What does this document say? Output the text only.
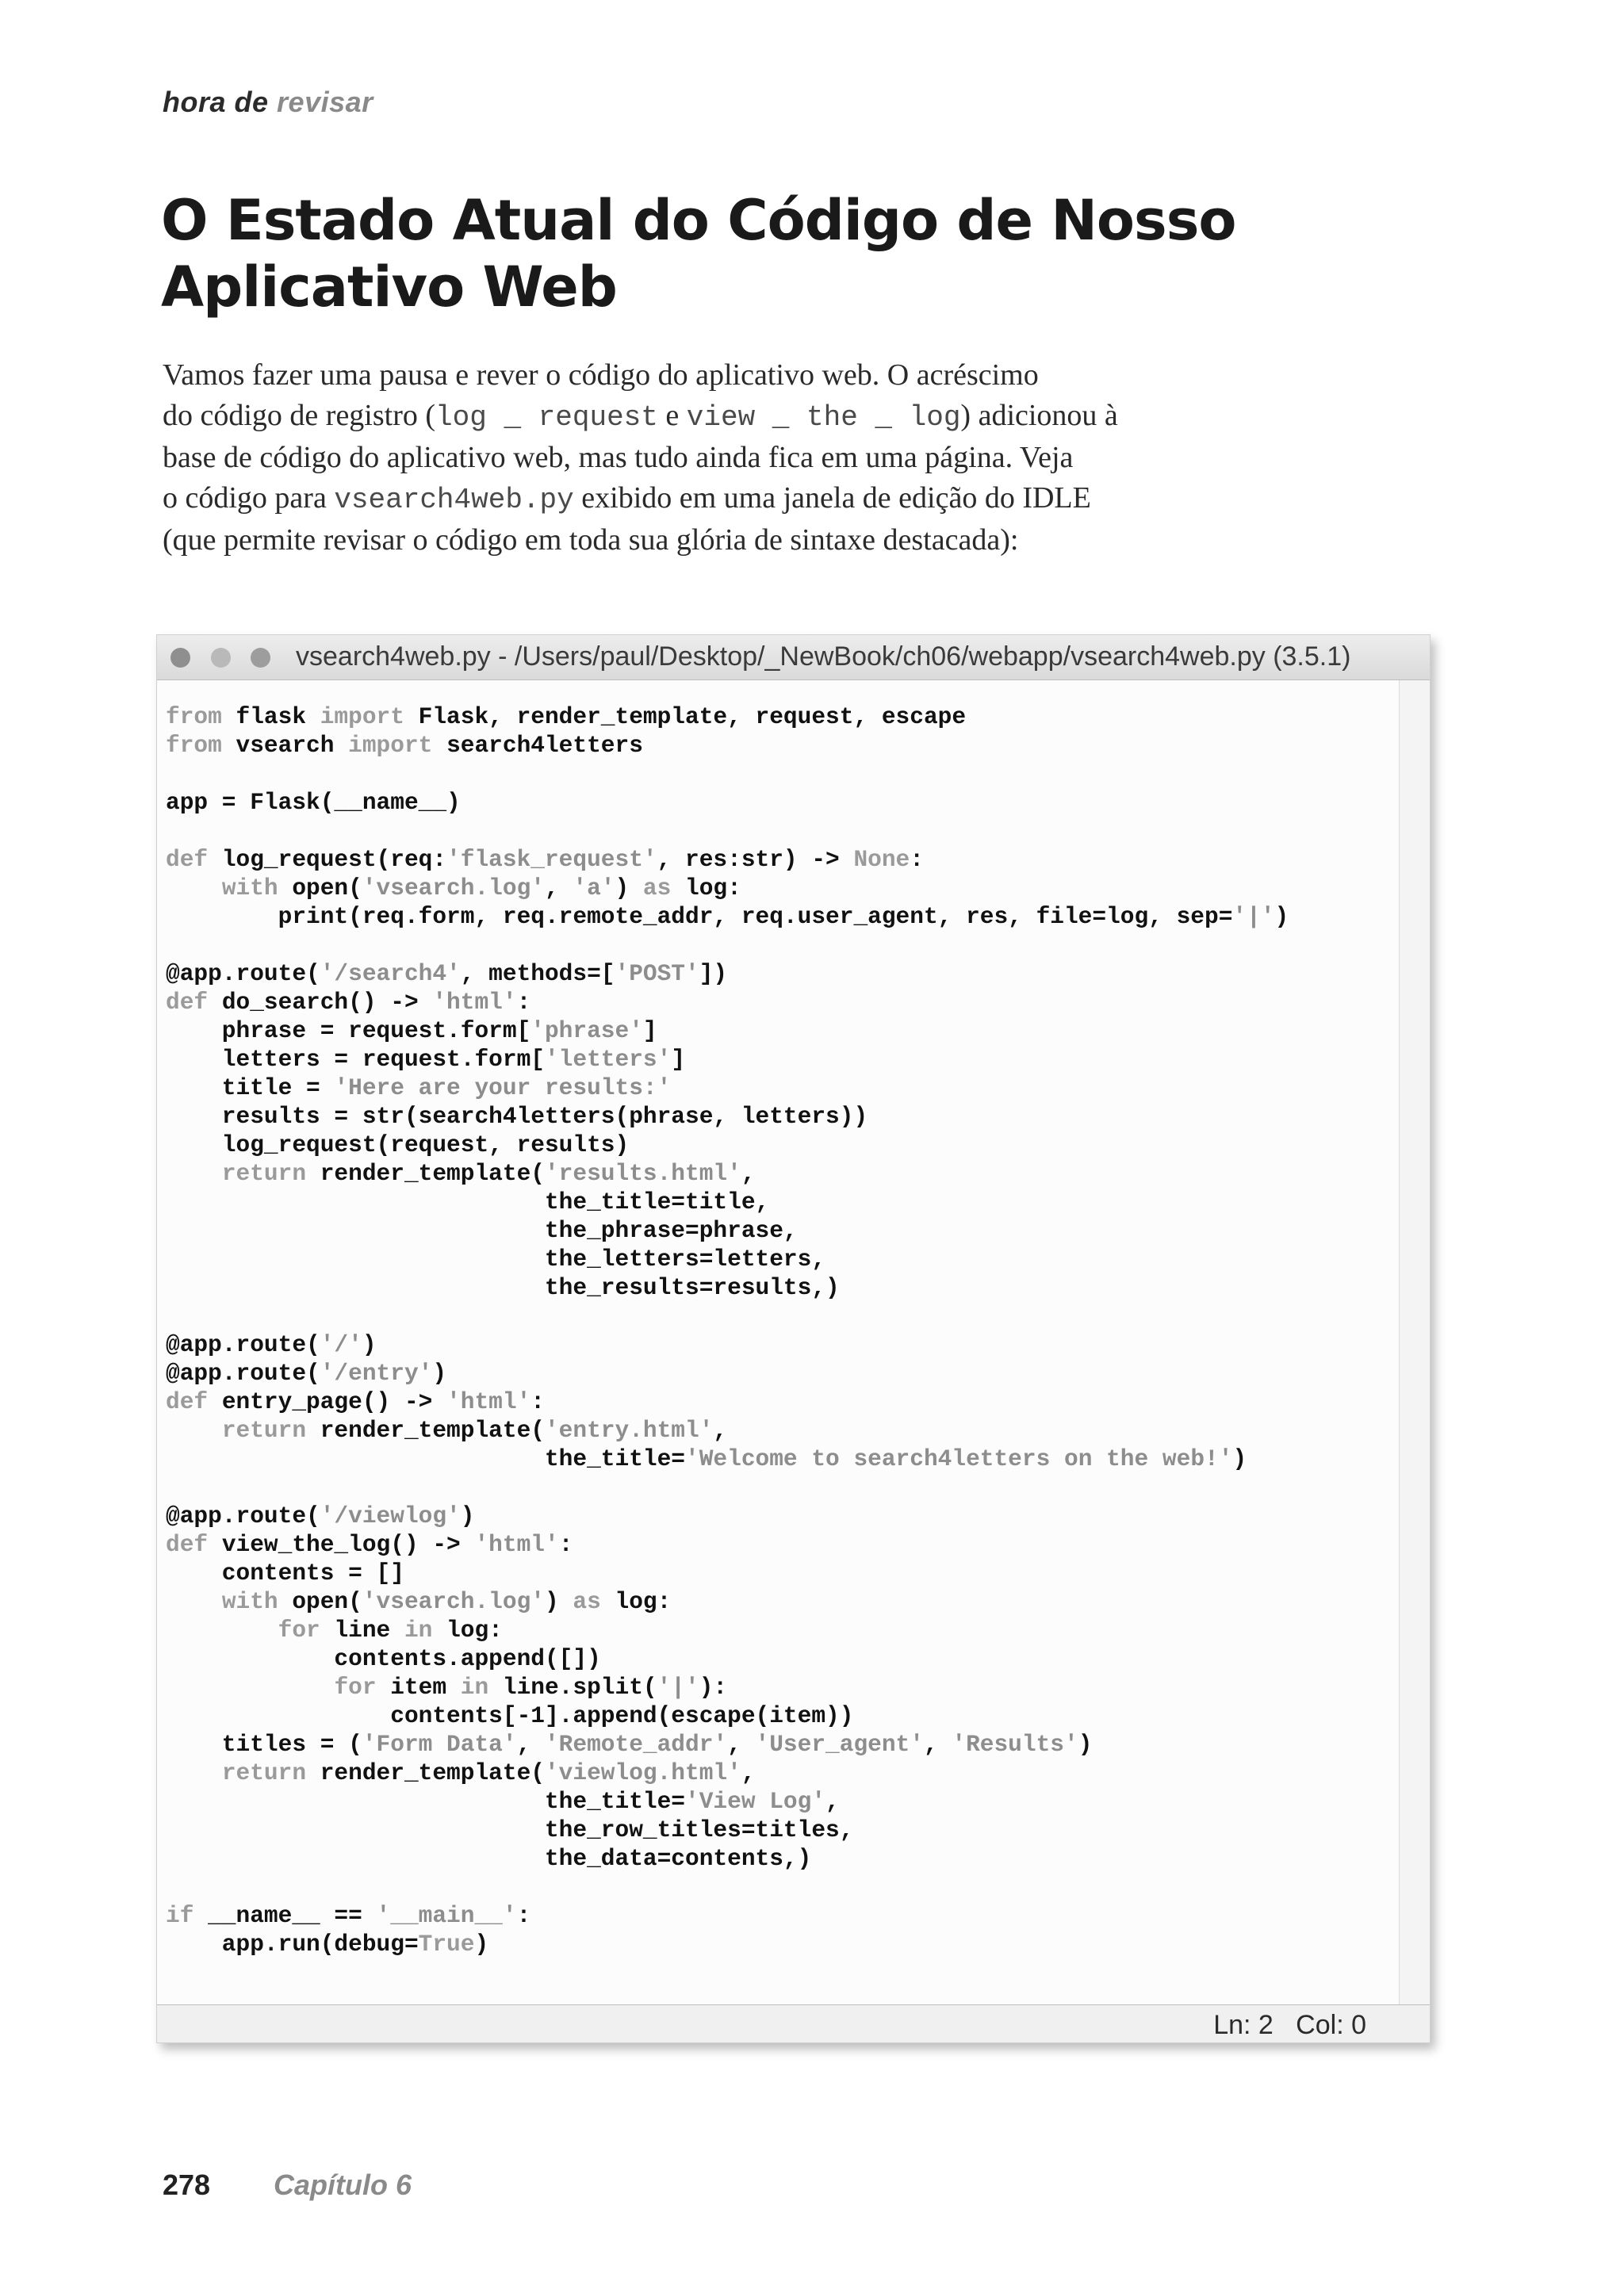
hora de revisar
O Estado Atual do Código de Nosso
Aplicativo Web

Vamos fazer uma pausa e rever o código do aplicativo web. O acréscimo
do código de registro (log _ request e view _ the _ log) adicionou à
base de código do aplicativo web, mas tudo ainda fica em uma página. Veja
o código para vsearch4web.py exibido em uma janela de edição do IDLE
(que permite revisar o código em toda sua glória de sintaxe destacada):

vsearch4web.py - /Users/paul/Desktop/_NewBook/ch06/webapp/vsearch4web.py (3.5.1)
Ln: 2   Col: 0
from flask import Flask, render_template, request, escape
from vsearch import search4letters

app = Flask(__name__)

def log_request(req:'flask_request', res:str) -> None:
with open('vsearch.log', 'a') as log:
print(req.form, req.remote_addr, req.user_agent, res, file=log, sep='|')

@app.route('/search4', methods=['POST'])
def do_search() -> 'html':
phrase = request.form['phrase']
letters = request.form['letters']
title = 'Here are your results:'
results = str(search4letters(phrase, letters))
log_request(request, results)
return render_template('results.html',
the_title=title,
the_phrase=phrase,
the_letters=letters,
the_results=results,)

@app.route('/')
@app.route('/entry')
def entry_page() -> 'html':
return render_template('entry.html',
the_title='Welcome to search4letters on the web!')

@app.route('/viewlog')
def view_the_log() -> 'html':
contents = []
with open('vsearch.log') as log:
for line in log:
contents.append([])
for item in line.split('|'):
contents[-1].append(escape(item))
titles = ('Form Data', 'Remote_addr', 'User_agent', 'Results')
return render_template('viewlog.html',
the_title='View Log',
the_row_titles=titles,
the_data=contents,)

if __name__ == '__main__':
app.run(debug=True)
278 Capítulo 6
